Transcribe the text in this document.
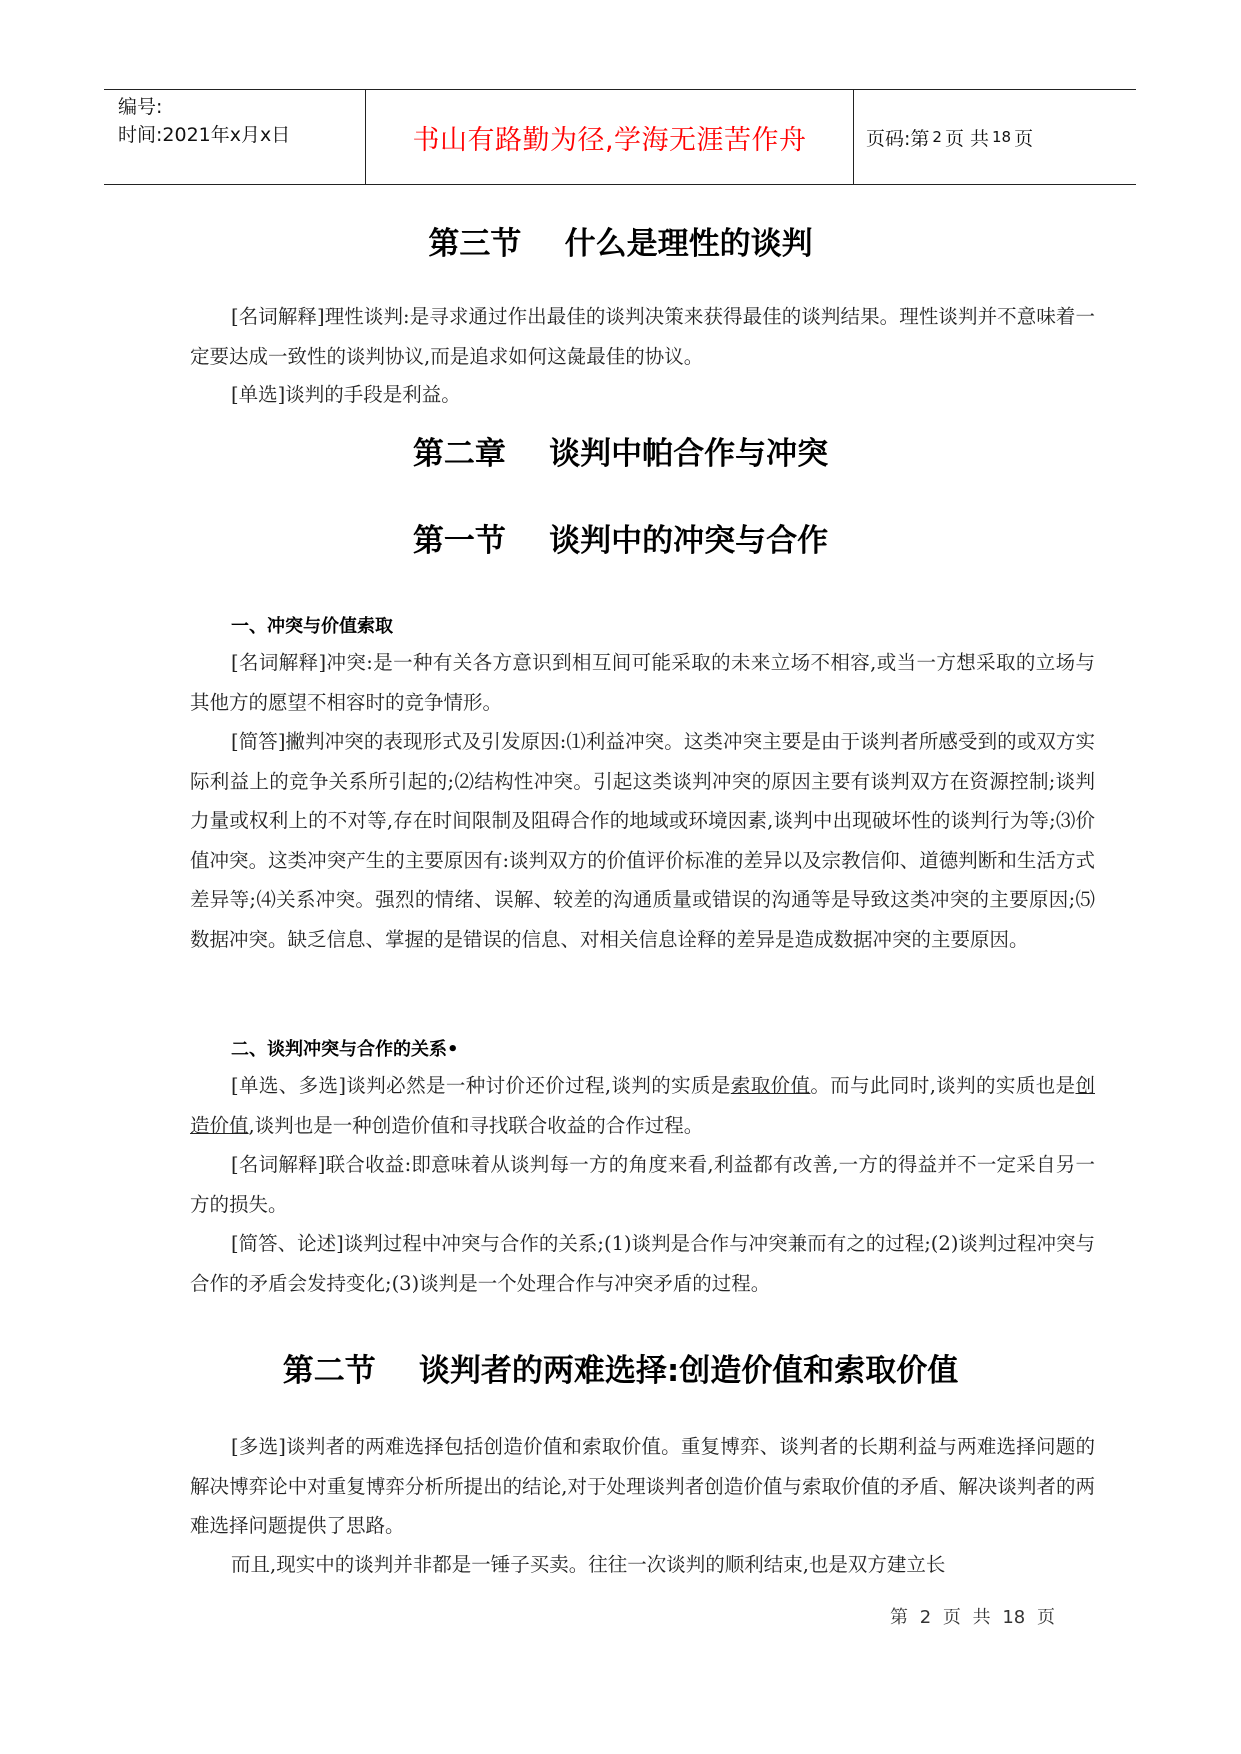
编号:
时间:2021年x月x日	书山有路勤为径,学海无涯苦作舟	页码:第 2 页 共 18 页
第三节    什么是理性的谈判
[名词解释]理性谈判:是寻求通过作出最佳的谈判决策来获得最佳的谈判结果。理性谈判并不意味着一定要达成一致性的谈判协议,而是追求如何这彘最佳的协议。
[单选]谈判的手段是利益。
第二章    谈判中帕合作与冲突
第一节    谈判中的冲突与合作
一、冲突与价值索取
[名词解释]冲突:是一种有关各方意识到相互间可能采取的未来立场不相容,或当一方想采取的立场与其他方的愿望不相容时的竞争情形。
[简答]撇判冲突的表现形式及引发原因:⑴利益冲突。这类冲突主要是由于谈判者所感受到的或双方实际利益上的竞争关系所引起的;⑵结构性冲突。引起这类谈判冲突的原因主要有谈判双方在资源控制;谈判力量或权利上的不对等,存在时间限制及阻碍合作的地域或环境因素,谈判中出现破坏性的谈判行为等;⑶价值冲突。这类冲突产生的主要原因有:谈判双方的价值评价标准的差异以及宗教信仰、道德判断和生活方式差异等;⑷关系冲突。强烈的情绪、误解、较差的沟通质量或错误的沟通等是导致这类冲突的主要原因;⑸数据冲突。缺乏信息、掌握的是错误的信息、对相关信息诠释的差异是造成数据冲突的主要原因。
二、谈判冲突与合作的关系•
[单选、多选]谈判必然是一种讨价还价过程,谈判的实质是索取价值。而与此同时,谈判的实质也是创造价值,谈判也是一种创造价值和寻找联合收益的合作过程。
[名词解释]联合收益:即意味着从谈判每一方的角度来看,利益都有改善,一方的得益并不一定采自另一方的损失。
[简答、论述]谈判过程中冲突与合作的关系;(1)谈判是合作与冲突兼而有之的过程;(2)谈判过程冲突与合作的矛盾会发持变化;(3)谈判是一个处理合作与冲突矛盾的过程。
第二节    谈判者的两难选择:创造价值和索取价值
[多选]谈判者的两难选择包括创造价值和索取价值。重复博弈、谈判者的长期利益与两难选择问题的解决博弈论中对重复博弈分析所提出的结论,对于处理谈判者创造价值与索取价值的矛盾、解决谈判者的两难选择问题提供了思路。
而且,现实中的谈判并非都是一锤子买卖。往往一次谈判的顺利结束,也是双方建立长
第 2 页 共 18 页
